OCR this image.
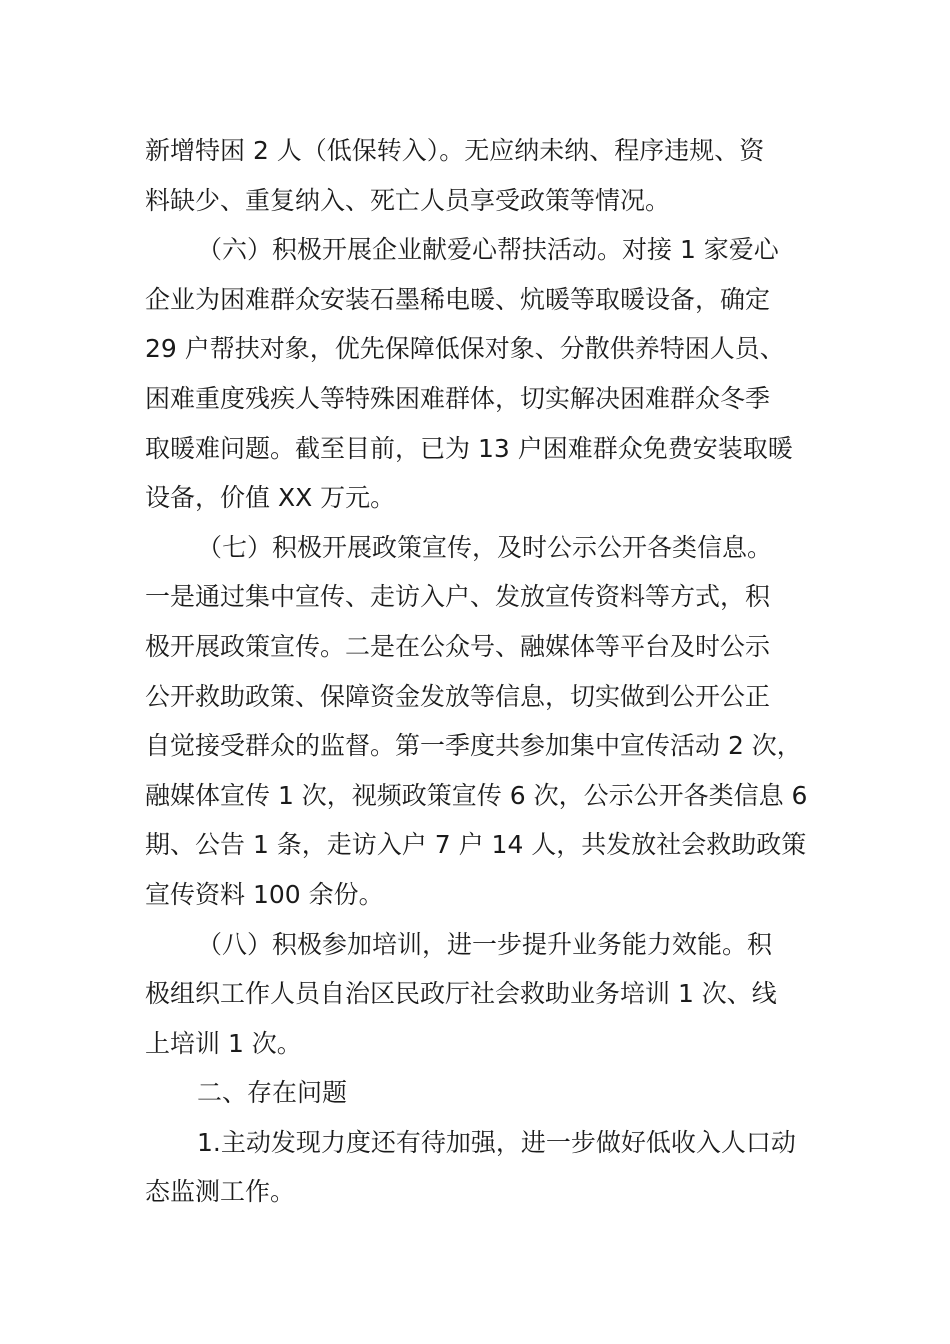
新增特困 2 人（低保转入）。无应纳未纳、程序违规、资
料缺少、重复纳入、死亡人员享受政策等情况。
（六）积极开展企业献爱心帮扶活动。对接 1 家爱心
企业为困难群众安装石墨稀电暖、炕暖等取暖设备，确定
29 户帮扶对象，优先保障低保对象、分散供养特困人员、
困难重度残疾人等特殊困难群体，切实解决困难群众冬季
取暖难问题。截至目前，已为 13 户困难群众免费安装取暖
设备，价值 XX 万元。
（七）积极开展政策宣传，及时公示公开各类信息。
一是通过集中宣传、走访入户、发放宣传资料等方式，积
极开展政策宣传。二是在公众号、融媒体等平台及时公示
公开救助政策、保障资金发放等信息，切实做到公开公正
自觉接受群众的监督。第一季度共参加集中宣传活动 2 次，
融媒体宣传 1 次，视频政策宣传 6 次，公示公开各类信息 6
期、公告 1 条，走访入户 7 户 14 人，共发放社会救助政策
宣传资料 100 余份。
（八）积极参加培训，进一步提升业务能力效能。积
极组织工作人员自治区民政厅社会救助业务培训 1 次、线
上培训 1 次。
二、存在问题
1.主动发现力度还有待加强，进一步做好低收入人口动
态监测工作。
